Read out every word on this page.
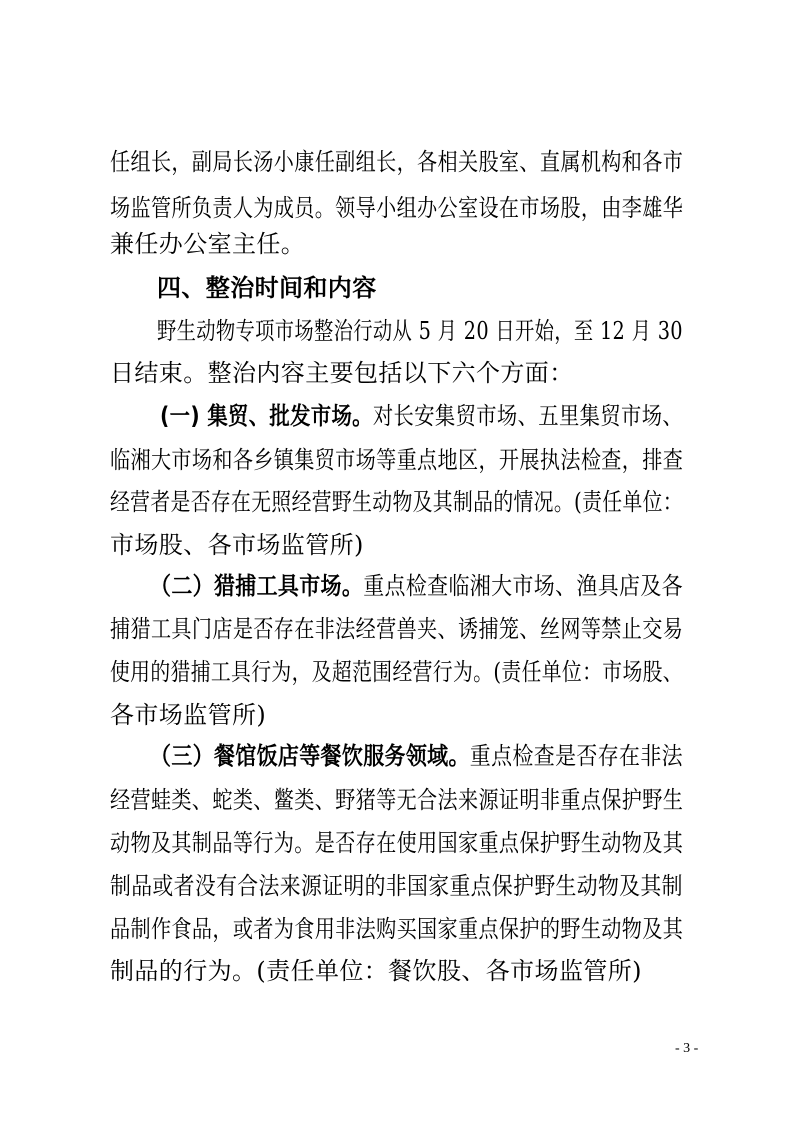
任组长，副局长汤小康任副组长，各相关股室、直属机构和各市
场监管所负责人为成员。领导小组办公室设在市场股，由李雄华
兼任办公室主任。
四、整治时间和内容
野生动物专项市场整治行动从 5 月 20 日开始，至 12 月 30
日结束。整治内容主要包括以下六个方面：
(一) 集贸、批发市场。对长安集贸市场、五里集贸市场、
临湘大市场和各乡镇集贸市场等重点地区，开展执法检查，排查
经营者是否存在无照经营野生动物及其制品的情况。(责任单位：
市场股、各市场监管所)
（二）猎捕工具市场。重点检查临湘大市场、渔具店及各
捕猎工具门店是否存在非法经营兽夹、诱捕笼、丝网等禁止交易
使用的猎捕工具行为，及超范围经营行为。(责任单位：市场股、
各市场监管所)
（三）餐馆饭店等餐饮服务领域。重点检查是否存在非法
经营蛙类、蛇类、鳖类、野猪等无合法来源证明非重点保护野生
动物及其制品等行为。是否存在使用国家重点保护野生动物及其
制品或者没有合法来源证明的非国家重点保护野生动物及其制
品制作食品，或者为食用非法购买国家重点保护的野生动物及其
制品的行为。(责任单位：餐饮股、各市场监管所)
- 3 -
